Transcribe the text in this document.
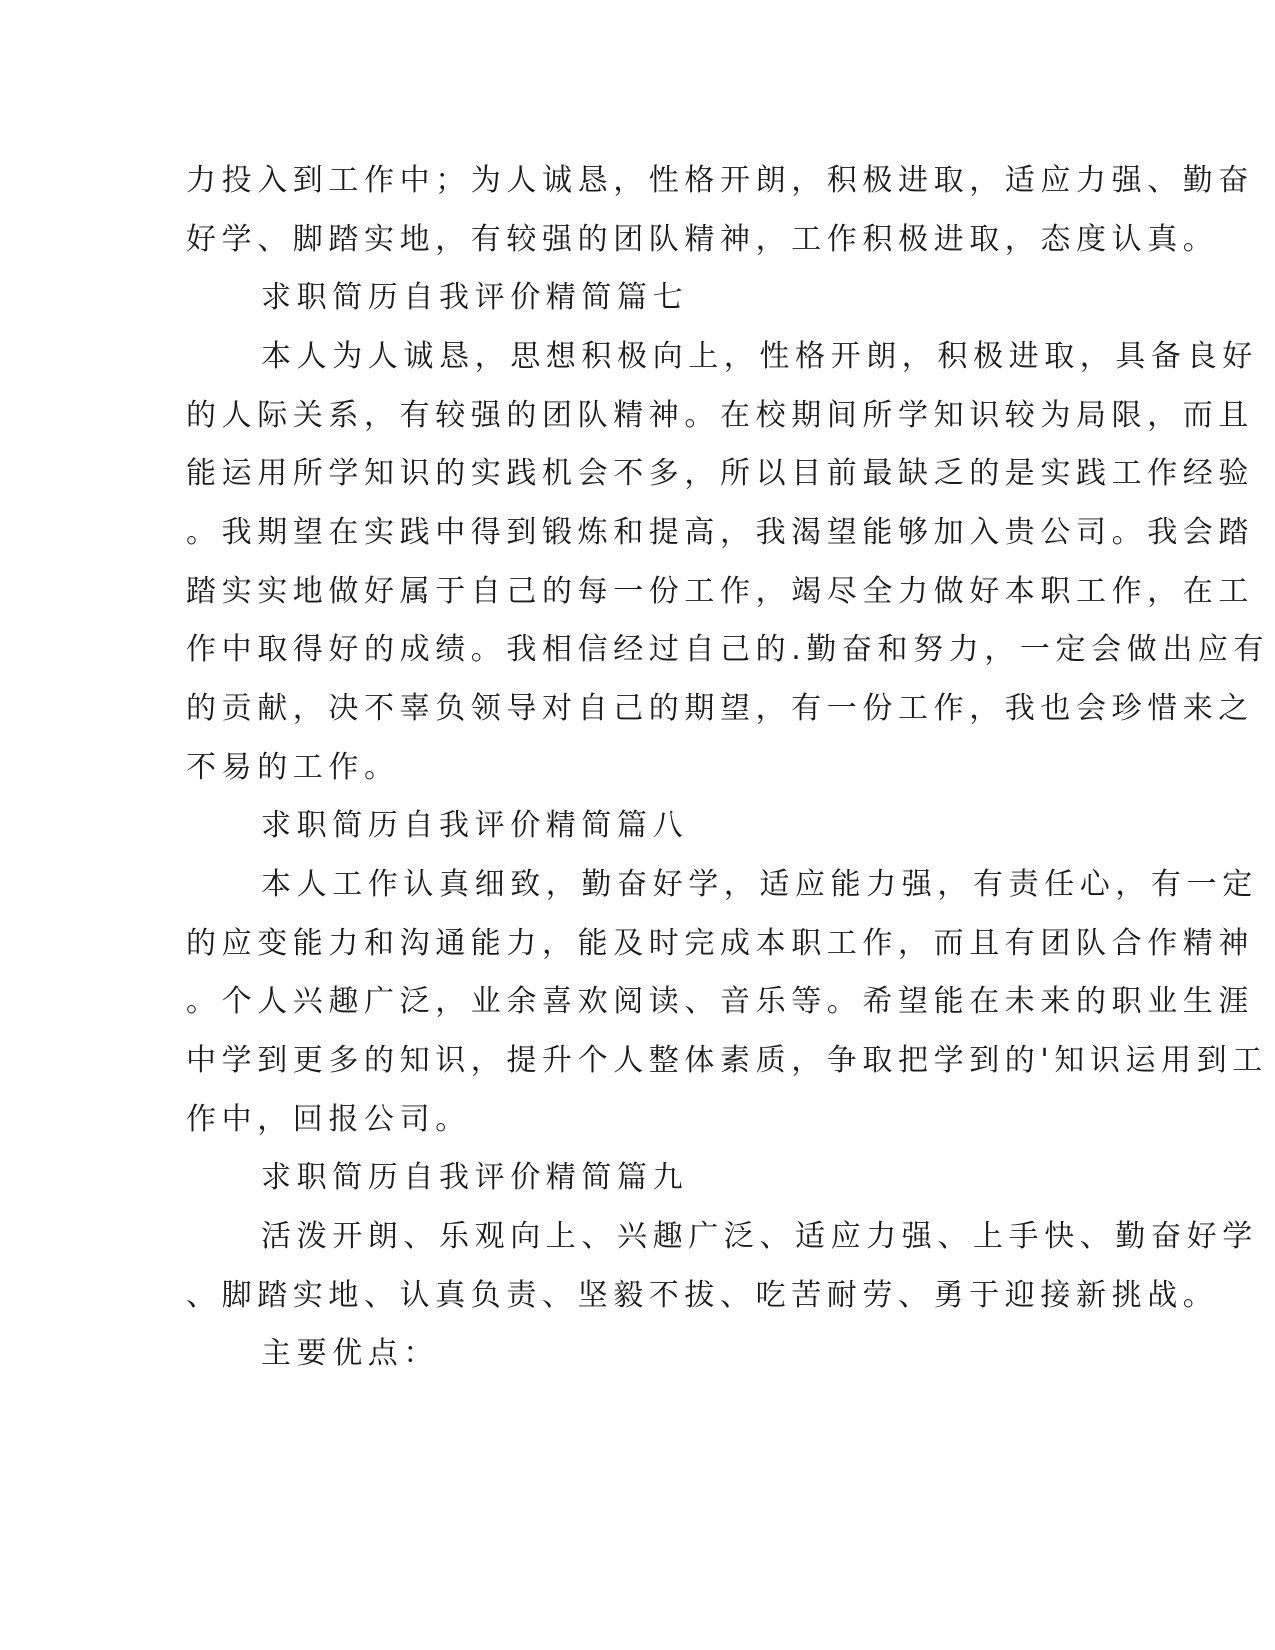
力投入到工作中；为人诚恳，性格开朗，积极进取，适应力强、勤奋

好学、脚踏实地，有较强的团队精神，工作积极进取，态度认真。

求职简历自我评价精简篇七

本人为人诚恳，思想积极向上，性格开朗，积极进取，具备良好

的人际关系，有较强的团队精神。在校期间所学知识较为局限，而且

能运用所学知识的实践机会不多，所以目前最缺乏的是实践工作经验

。我期望在实践中得到锻炼和提高，我渴望能够加入贵公司。我会踏

踏实实地做好属于自己的每一份工作，竭尽全力做好本职工作，在工

作中取得好的成绩。我相信经过自己的.勤奋和努力，一定会做出应有

的贡献，决不辜负领导对自己的期望，有一份工作，我也会珍惜来之

不易的工作。

求职简历自我评价精简篇八

本人工作认真细致，勤奋好学，适应能力强，有责任心，有一定

的应变能力和沟通能力，能及时完成本职工作，而且有团队合作精神

。个人兴趣广泛，业余喜欢阅读、音乐等。希望能在未来的职业生涯

中学到更多的知识，提升个人整体素质，争取把学到的'知识运用到工

作中，回报公司。

求职简历自我评价精简篇九

活泼开朗、乐观向上、兴趣广泛、适应力强、上手快、勤奋好学

、脚踏实地、认真负责、坚毅不拔、吃苦耐劳、勇于迎接新挑战。

主要优点：
